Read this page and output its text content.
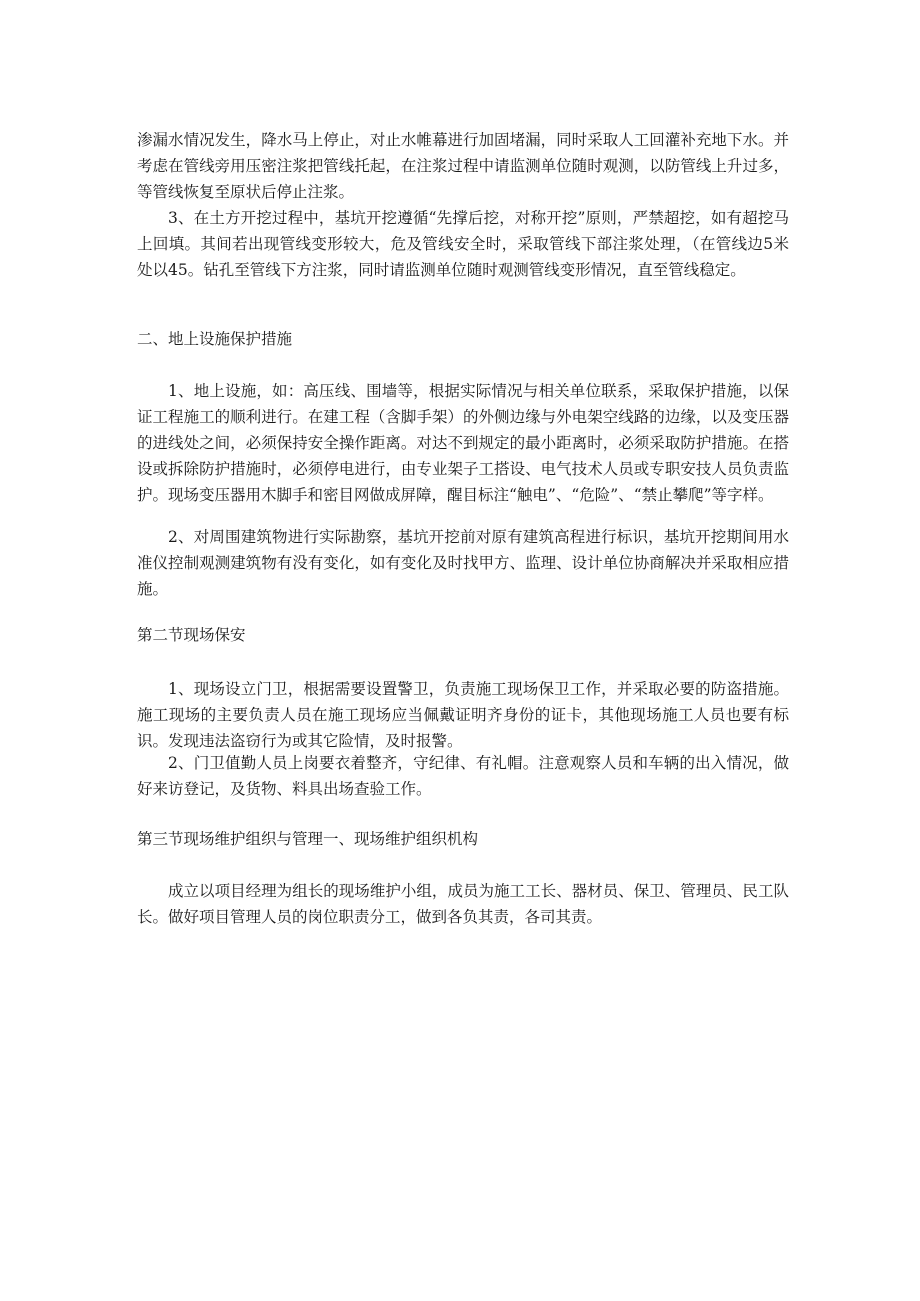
渗漏水情况发生，降水马上停止，对止水帷幕进行加固堵漏，同时采取人工回灌补充地下水。并考虑在管线旁用压密注浆把管线托起，在注浆过程中请监测单位随时观测，以防管线上升过多，等管线恢复至原状后停止注浆。

3、在土方开挖过程中，基坑开挖遵循“先撑后挖，对称开挖”原则，严禁超挖，如有超挖马上回填。其间若出现管线变形较大，危及管线安全时，采取管线下部注浆处理，（在管线边5米处以45。钻孔至管线下方注浆，同时请监测单位随时观测管线变形情况，直至管线稳定。

二、地上设施保护措施

1、地上设施，如：高压线、围墙等，根据实际情况与相关单位联系，采取保护措施，以保证工程施工的顺利进行。在建工程（含脚手架）的外侧边缘与外电架空线路的边缘，以及变压器的进线处之间，必须保持安全操作距离。对达不到规定的最小距离时，必须采取防护措施。在搭设或拆除防护措施时，必须停电进行，由专业架子工搭设、电气技术人员或专职安技人员负责监护。现场变压器用木脚手和密目网做成屏障，醒目标注“触电”、“危险”、“禁止攀爬”等字样。

2、对周围建筑物进行实际勘察，基坑开挖前对原有建筑高程进行标识，基坑开挖期间用水准仪控制观测建筑物有没有变化，如有变化及时找甲方、监理、设计单位协商解决并采取相应措施。

第二节现场保安

1、现场设立门卫，根据需要设置警卫，负责施工现场保卫工作，并采取必要的防盗措施。施工现场的主要负责人员在施工现场应当佩戴证明齐身份的证卡，其他现场施工人员也要有标识。发现违法盗窃行为或其它险情，及时报警。

2、门卫值勤人员上岗要衣着整齐，守纪律、有礼帽。注意观察人员和车辆的出入情况，做好来访登记，及货物、料具出场查验工作。

第三节现场维护组织与管理一、现场维护组织机构

成立以项目经理为组长的现场维护小组，成员为施工工长、器材员、保卫、管理员、民工队长。做好项目管理人员的岗位职责分工，做到各负其责，各司其责。
